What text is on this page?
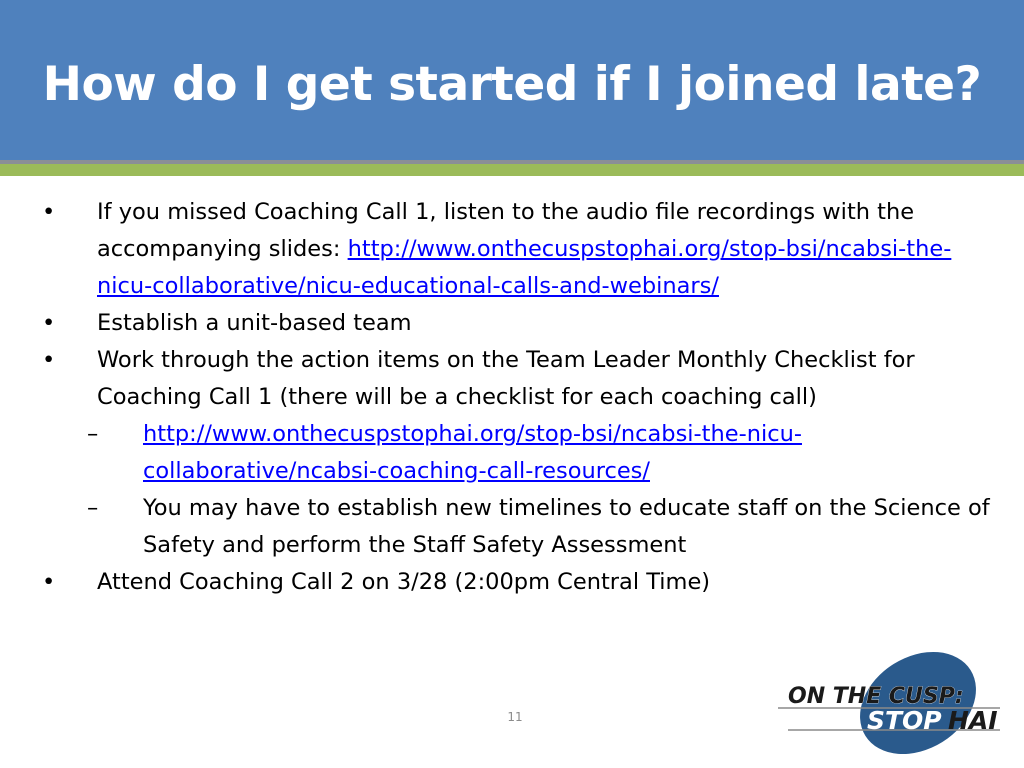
How do I get started if I joined late?
• If you missed Coaching Call 1, listen to the audio file recordings with the accompanying slides: http://www.onthecuspstophai.org/stop-bsi/ncabsi-the-nicu-collaborative/nicu-educational-calls-and-webinars/
• Establish a unit-based team
• Work through the action items on the Team Leader Monthly Checklist for Coaching Call 1 (there will be a checklist for each coaching call)
– http://www.onthecuspstophai.org/stop-bsi/ncabsi-the-nicu-collaborative/ncabsi-coaching-call-resources/
– You may have to establish new timelines to educate staff on the Science of Safety and perform the Staff Safety Assessment
• Attend Coaching Call 2 on 3/28 (2:00pm Central Time)
11
ON THE CUSP:
STOP HAI
